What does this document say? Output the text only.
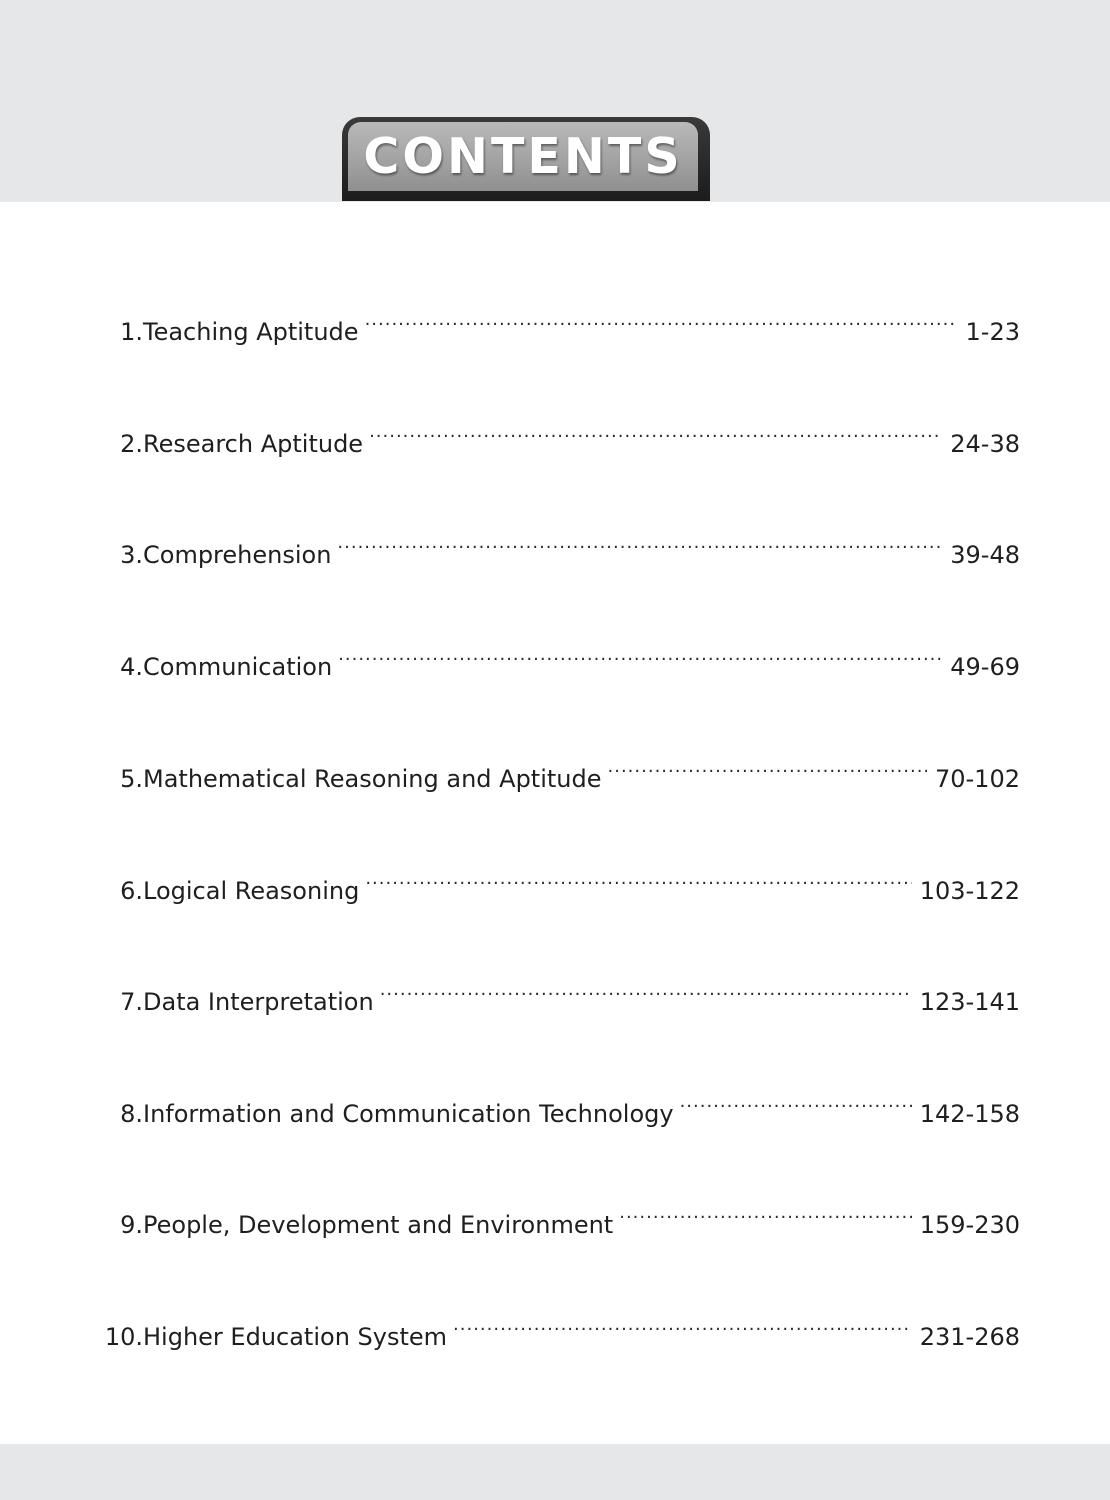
CONTENTS
1. Teaching Aptitude .....	1-23
2. Research Aptitude .....	24-38
3. Comprehension .....	39-48
4. Communication .....	49-69
5. Mathematical Reasoning and Aptitude .....	70-102
6. Logical Reasoning .....	103-122
7. Data Interpretation .....	123-141
8. Information and Communication Technology .....	142-158
9. People, Development and Environment .....	159-230
10. Higher Education System .....	231-268
